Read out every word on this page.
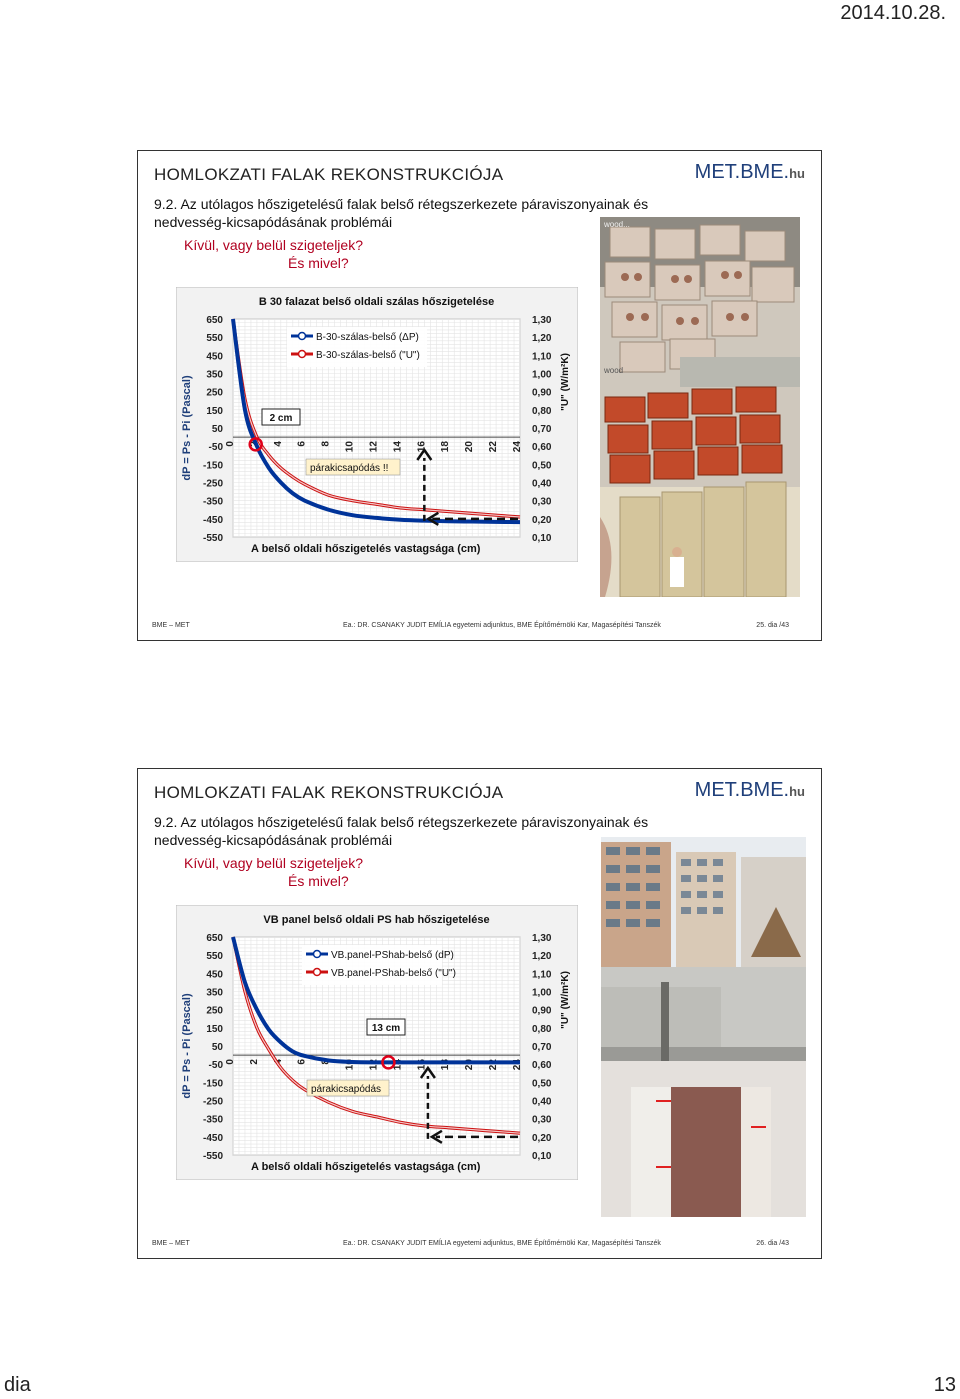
2014.10.28.
HOMLOKZATI FALAK REKONSTRUKCIÓJA	MET.BME.hu
9.2. Az utólagos hőszigetelésű falak belső rétegszerkezete páraviszonyainak és
nedvesség-kicsapódásának problémái
Kívül, vagy belül szigeteljek?
És mivel?
B 30 falazat belső oldali szálas hőszigetelése
650
550
450
350
250
150
50
-50
-150
-250
-350
-450
-550
1,30
1,20
1,10
1,00
0,90
0,80
0,70
0,60
0,50
0,40
0,30
0,20
0,10
0 2 4 6 8 10 12 14 16 18 20 22 24
dP = Ps - Pi (Pascal)	"U" (W/m²K)
A belső oldali hőszigetelés vastagsága (cm)
B-30-szálas-belső (ΔP)
B-30-szálas-belső ("U")
2 cm
párakicsapódás !!
wood...
wood
BME – MET	Ea.: DR. CSANAKY JUDIT EMÍLIA egyetemi adjunktus, BME Építőmérnöki Kar, Magasépítési Tanszék	25. dia /43
HOMLOKZATI FALAK REKONSTRUKCIÓJA	MET.BME.hu
9.2. Az utólagos hőszigetelésű falak belső rétegszerkezete páraviszonyainak és
nedvesség-kicsapódásának problémái
Kívül, vagy belül szigeteljek?
És mivel?
VB panel belső oldali PS hab hőszigetelése
650
550
450
350
250
150
50
-50
-150
-250
-350
-450
-550
1,30
1,20
1,10
1,00
0,90
0,80
0,70
0,60
0,50
0,40
0,30
0,20
0,10
0 2 4 6 8 10 12 14 16 18 20 22 24
dP = Ps - Pi (Pascal)	"U" (W/m²K)
A belső oldali hőszigetelés vastagsága (cm)
VB.panel-PShab-belső (dP)
VB.panel-PShab-belső ("U")
13 cm
párakicsapódás
BME – MET	Ea.: DR. CSANAKY JUDIT EMÍLIA egyetemi adjunktus, BME Építőmérnöki Kar, Magasépítési Tanszék	26. dia /43
dia	13
